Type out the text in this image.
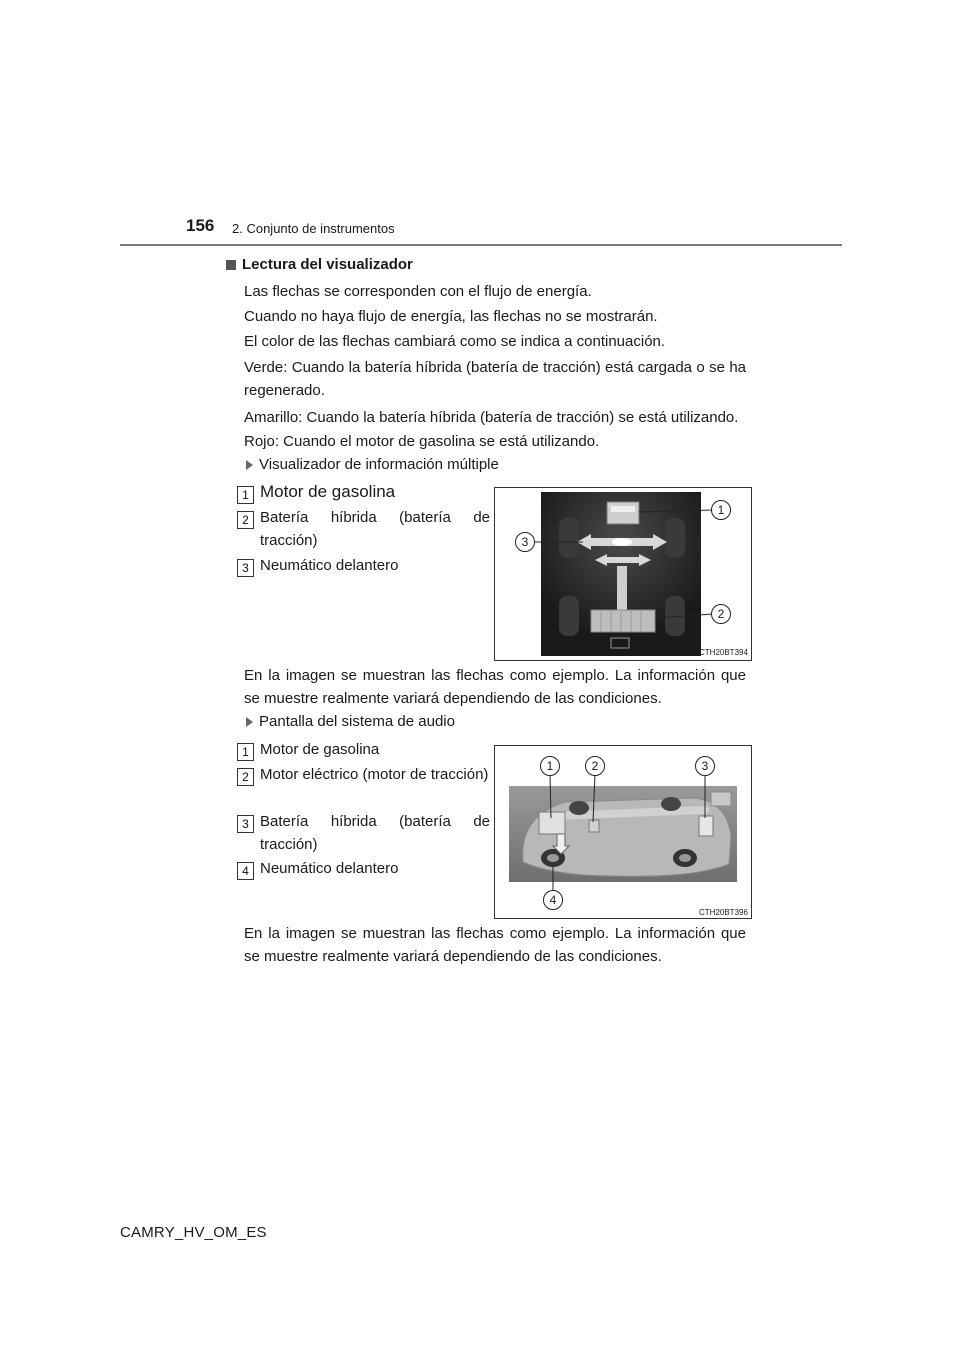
156 2. Conjunto de instrumentos
Lectura del visualizador
Las flechas se corresponden con el flujo de energía.
Cuando no haya flujo de energía, las flechas no se mostrarán.
El color de las flechas cambiará como se indica a continuación.
Verde: Cuando la batería híbrida (batería de tracción) está cargada o se ha regenerado.
Amarillo: Cuando la batería híbrida (batería de tracción) se está utilizando.
Rojo: Cuando el motor de gasolina se está utilizando.
Visualizador de información múltiple
1 Motor de gasolina
2 Batería híbrida (batería de tracción)
3 Neumático delantero
1
2
3
CTH20BT394
En la imagen se muestran las flechas como ejemplo. La información que se muestre realmente variará dependiendo de las condiciones.
Pantalla del sistema de audio
1 Motor de gasolina
2 Motor eléctrico (motor de tracción)
3 Batería híbrida (batería de tracción)
4 Neumático delantero
1	2	3
4
CTH20BT396
En la imagen se muestran las flechas como ejemplo. La información que se muestre realmente variará dependiendo de las condiciones.
CAMRY_HV_OM_ES
